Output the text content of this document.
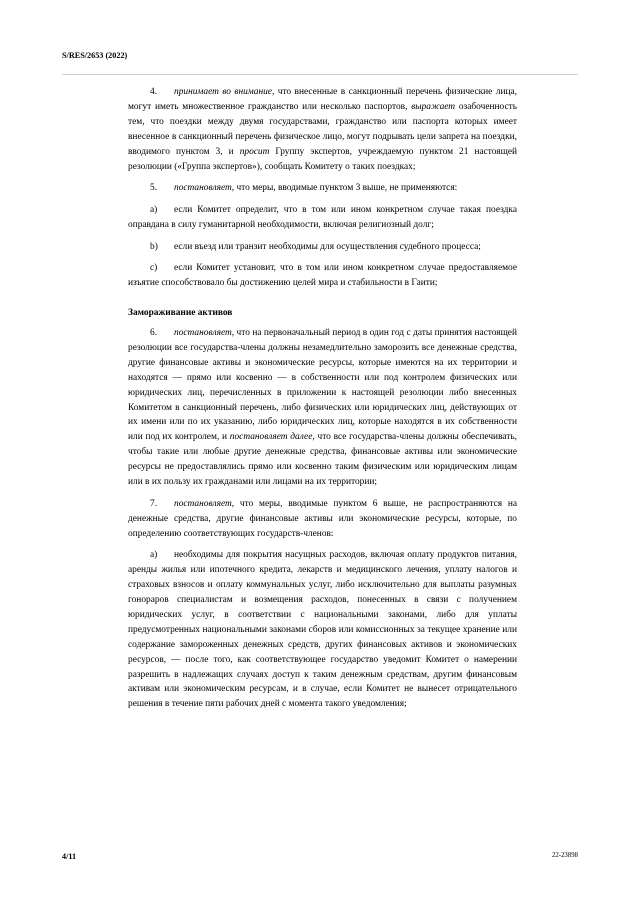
S/RES/2653 (2022)

4. принимает во внимание, что внесенные в санкционный перечень физические лица, могут иметь множественное гражданство или несколько паспортов, выражает озабоченность тем, что поездки между двумя государствами, гражданство или паспорта которых имеет внесенное в санкционный перечень физическое лицо, могут подрывать цели запрета на поездки, вводимого пунктом 3, и просит Группу экспертов, учреждаемую пунктом 21 настоящей резолюции («Группа экспертов»), сообщать Комитету о таких поездках;

5. постановляет, что меры, вводимые пунктом 3 выше, не применяются:

a) если Комитет определит, что в том или ином конкретном случае такая поездка оправдана в силу гуманитарной необходимости, включая религиозный долг;

b) если въезд или транзит необходимы для осуществления судебного процесса;

c) если Комитет установит, что в том или ином конкретном случае предоставляемое изъятие способствовало бы достижению целей мира и стабильности в Гаити;

Замораживание активов

6. постановляет, что на первоначальный период в один год с даты принятия настоящей резолюции все государства-члены должны незамедлительно заморозить все денежные средства, другие финансовые активы и экономические ресурсы, которые имеются на их территории и находятся — прямо или косвенно — в собственности или под контролем физических или юридических лиц, перечисленных в приложении к настоящей резолюции либо внесенных Комитетом в санкционный перечень, либо физических или юридических лиц, действующих от их имени или по их указанию, либо юридических лиц, которые находятся в их собственности или под их контролем, и постановляет далее, что все государства-члены должны обеспечивать, чтобы такие или любые другие денежные средства, финансовые активы или экономические ресурсы не предоставлялись прямо или косвенно таким физическим или юридическим лицам или в их пользу их гражданами или лицами на их территории;

7. постановляет, что меры, вводимые пунктом 6 выше, не распространяются на денежные средства, другие финансовые активы или экономические ресурсы, которые, по определению соответствующих государств-членов:

a) необходимы для покрытия насущных расходов, включая оплату продуктов питания, аренды жилья или ипотечного кредита, лекарств и медицинского лечения, уплату налогов и страховых взносов и оплату коммунальных услуг, либо исключительно для выплаты разумных гонораров специалистам и возмещения расходов, понесенных в связи с получением юридических услуг, в соответствии с национальными законами, либо для уплаты предусмотренных национальными законами сборов или комиссионных за текущее хранение или содержание замороженных денежных средств, других финансовых активов и экономических ресурсов, — после того, как соответствующее государство уведомит Комитет о намерении разрешить в надлежащих случаях доступ к таким денежным средствам, другим финансовым активам или экономическим ресурсам, и в случае, если Комитет не вынесет отрицательного решения в течение пяти рабочих дней с момента такого уведомления;

4/11	22-23898
